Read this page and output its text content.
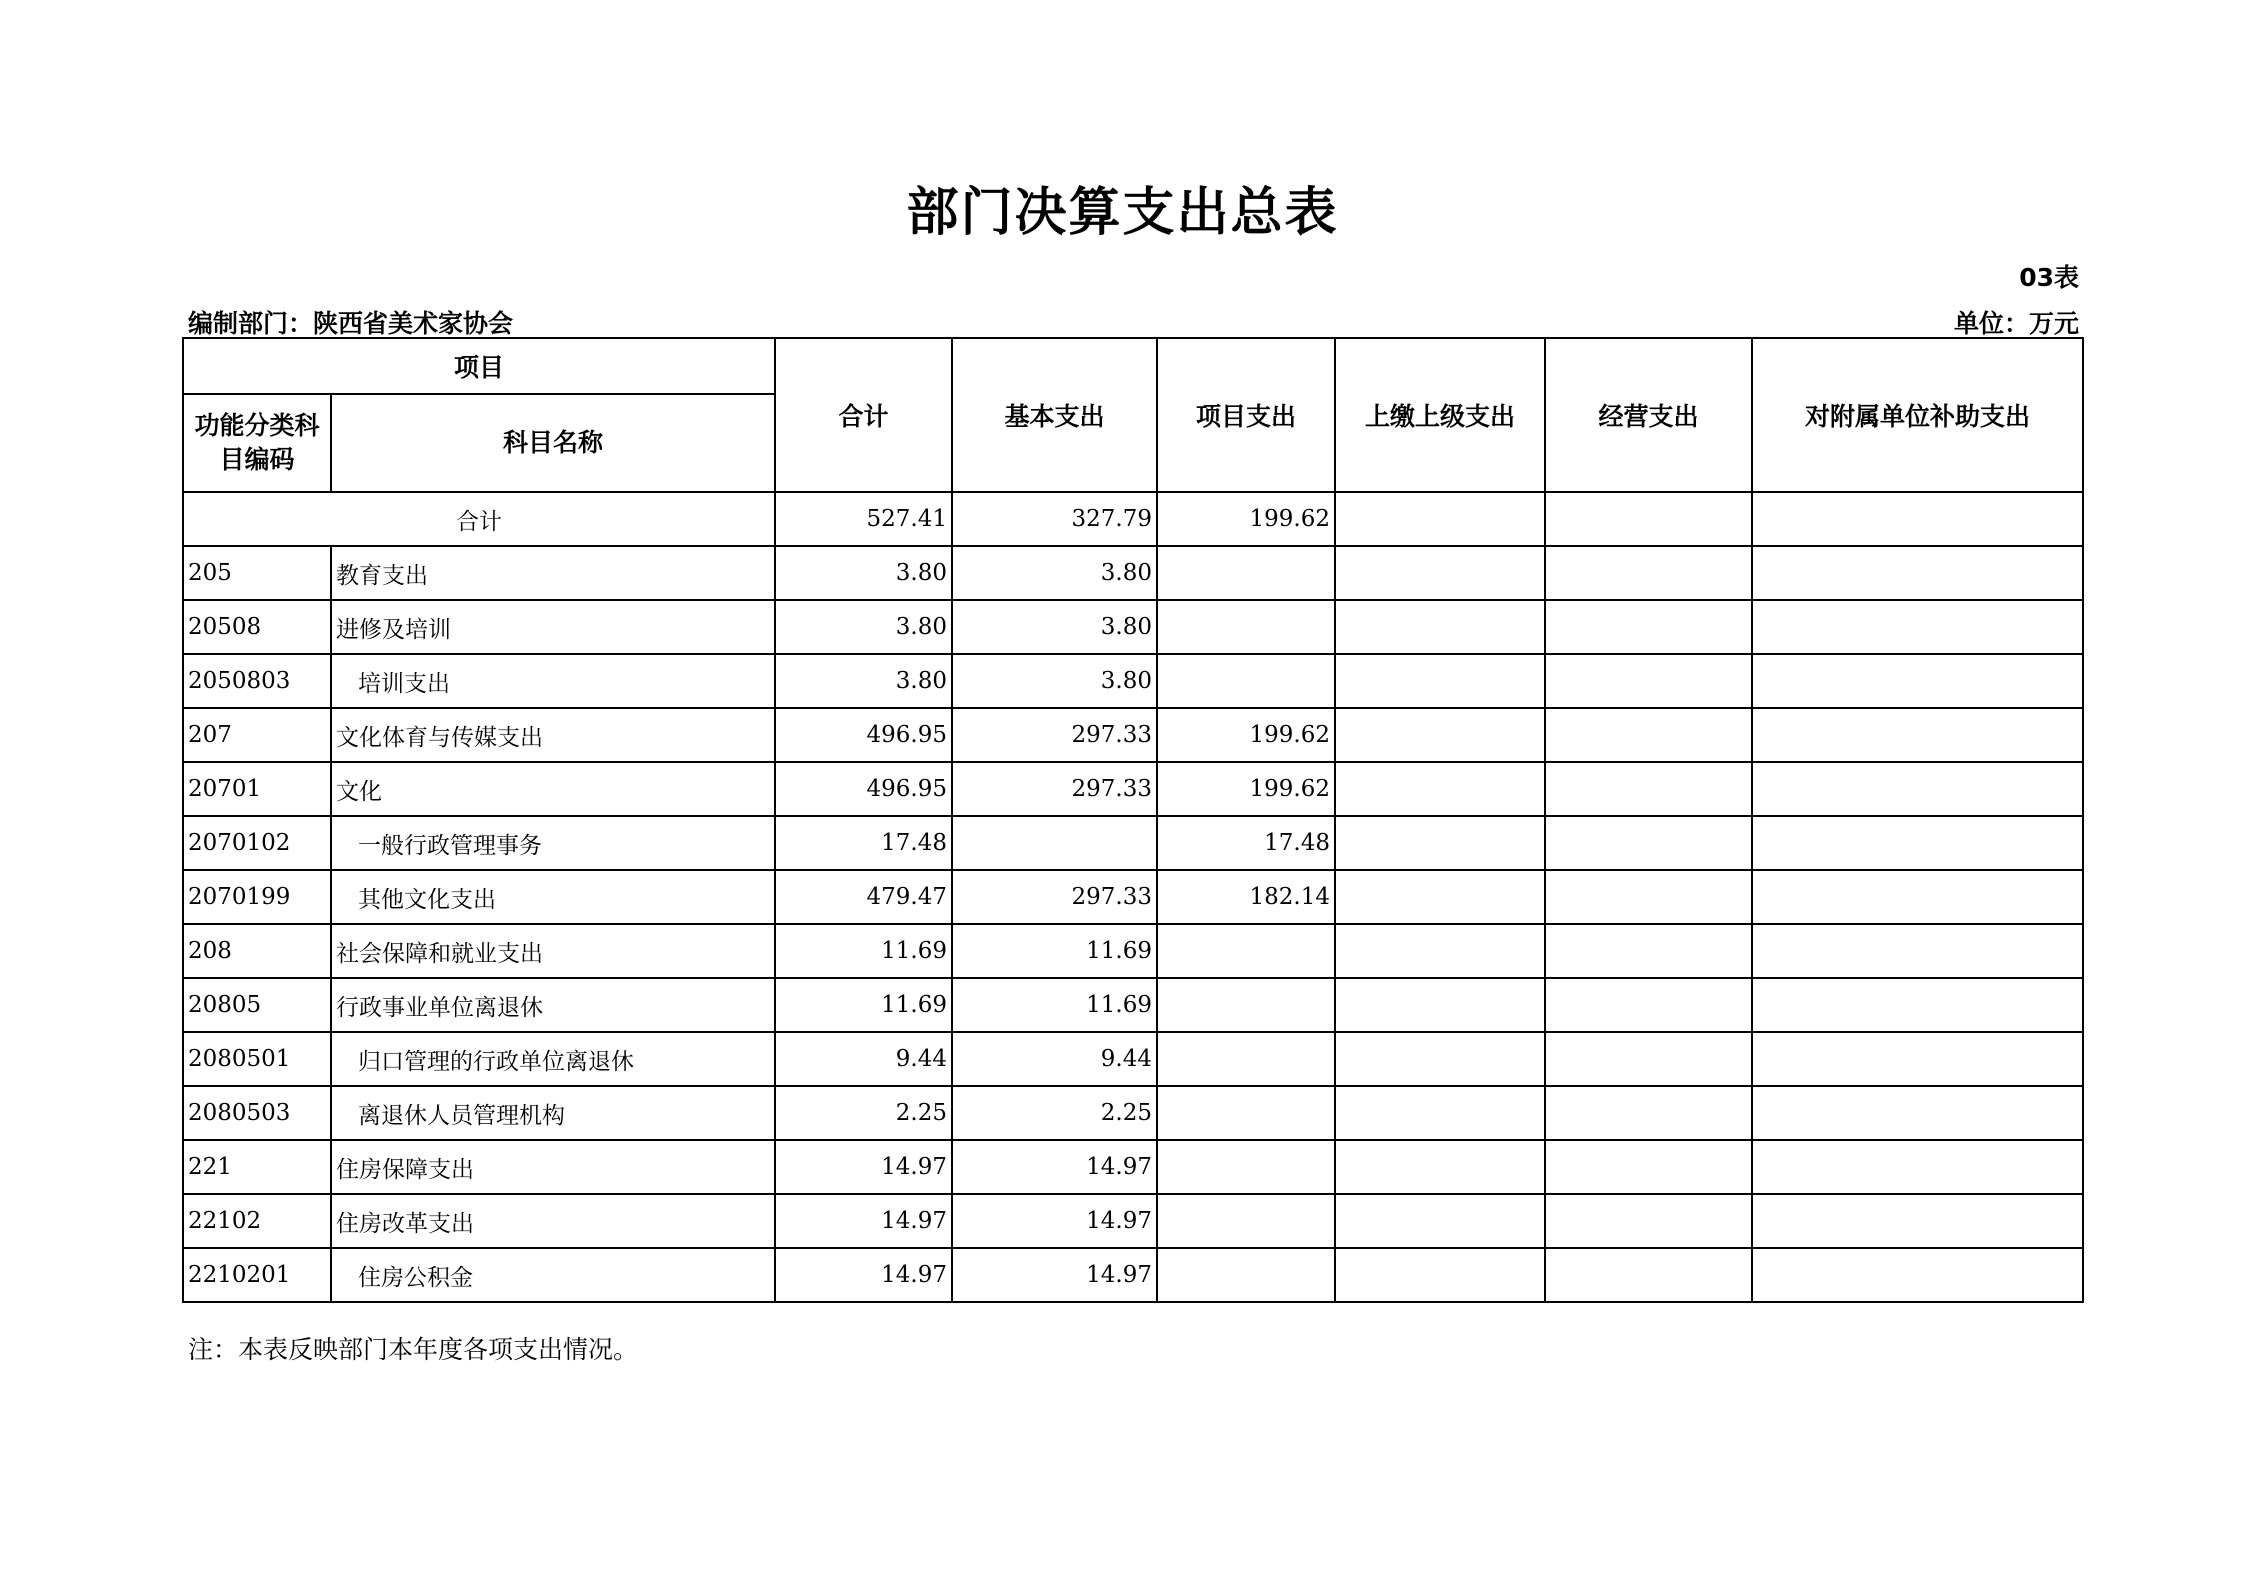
部门决算支出总表
03表
编制部门：陕西省美术家协会	单位：万元
项目		合计	基本支出	项目支出	上缴上级支出	经营支出	对附属单位补助支出
功能分类科目编码	科目名称						
合计		527.41	327.79	199.62			
205	教育支出	3.80	3.80				
20508	进修及培训	3.80	3.80				
2050803	培训支出	3.80	3.80				
207	文化体育与传媒支出	496.95	297.33	199.62			
20701	文化	496.95	297.33	199.62			
2070102	一般行政管理事务	17.48		17.48			
2070199	其他文化支出	479.47	297.33	182.14			
208	社会保障和就业支出	11.69	11.69				
20805	行政事业单位离退休	11.69	11.69				
2080501	归口管理的行政单位离退休	9.44	9.44				
2080503	离退休人员管理机构	2.25	2.25				
221	住房保障支出	14.97	14.97				
22102	住房改革支出	14.97	14.97				
2210201	住房公积金	14.97	14.97				
注：本表反映部门本年度各项支出情况。
